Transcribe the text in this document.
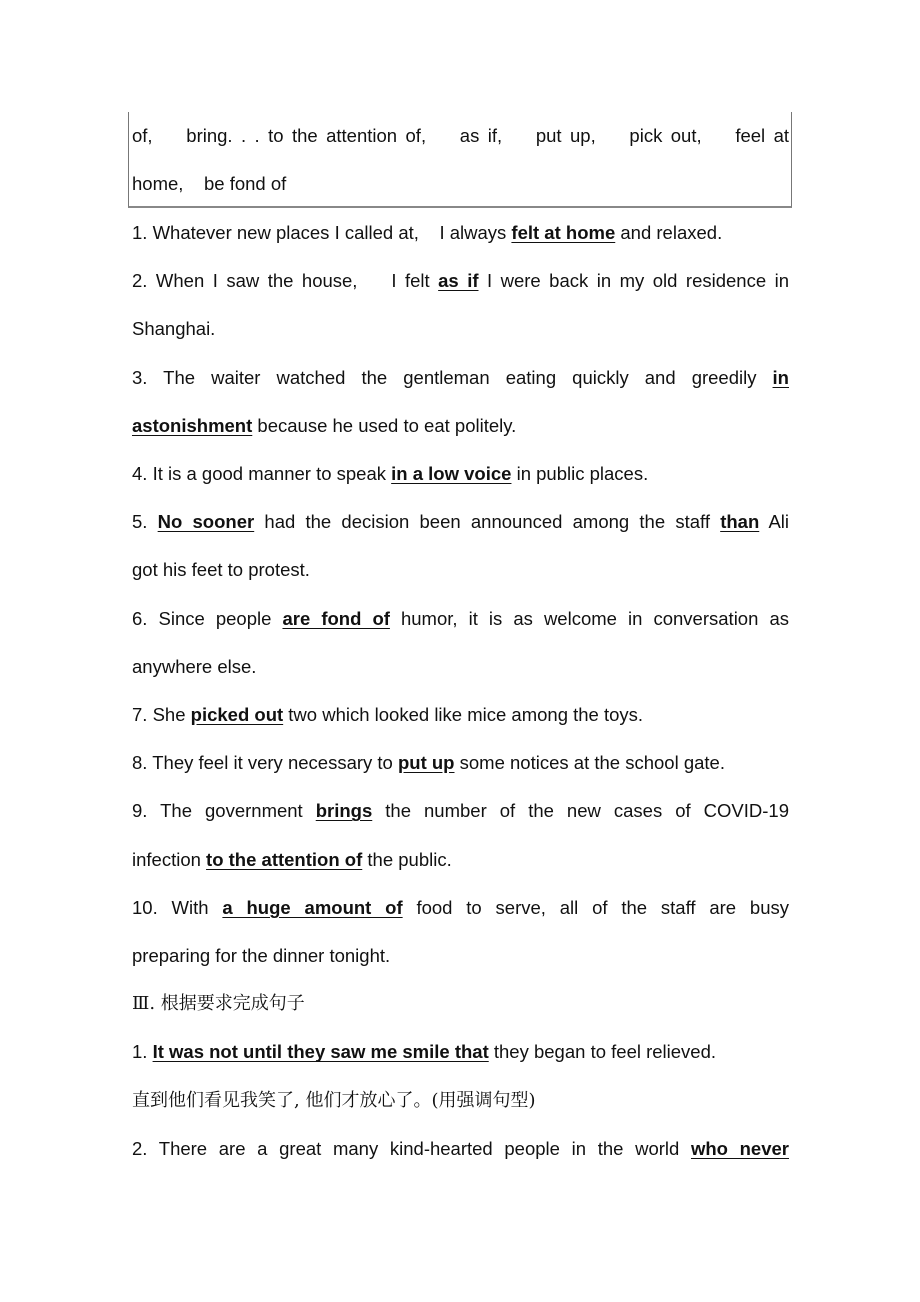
of,    bring. . . to the attention of,    as if,    put up,    pick out,    feel at
home,    be fond of
1. Whatever new places I called at,    I always felt at home and relaxed.
2. When I saw the house,    I felt as if I were back in my old residence in
Shanghai.
3. The waiter watched the gentleman eating quickly and greedily in
astonishment because he used to eat politely.
4. It is a good manner to speak in a low voice in public places.
5. No sooner had the decision been announced among the staff than Ali
got his feet to protest.
6. Since people are fond of humor, it is as welcome in conversation as
anywhere else.
7. She picked out two which looked like mice among the toys.
8. They feel it very necessary to put up some notices at the school gate.
9. The government brings the number of the new cases of COVID-19
infection to the attention of the public.
10. With a huge amount of food to serve, all of the staff are busy
preparing for the dinner tonight.
Ⅲ. 根据要求完成句子
1. It was not until they saw me smile that they began to feel relieved.
直到他们看见我笑了, 他们才放心了。(用强调句型)
2. There are a great many kind-hearted people in the world who never
